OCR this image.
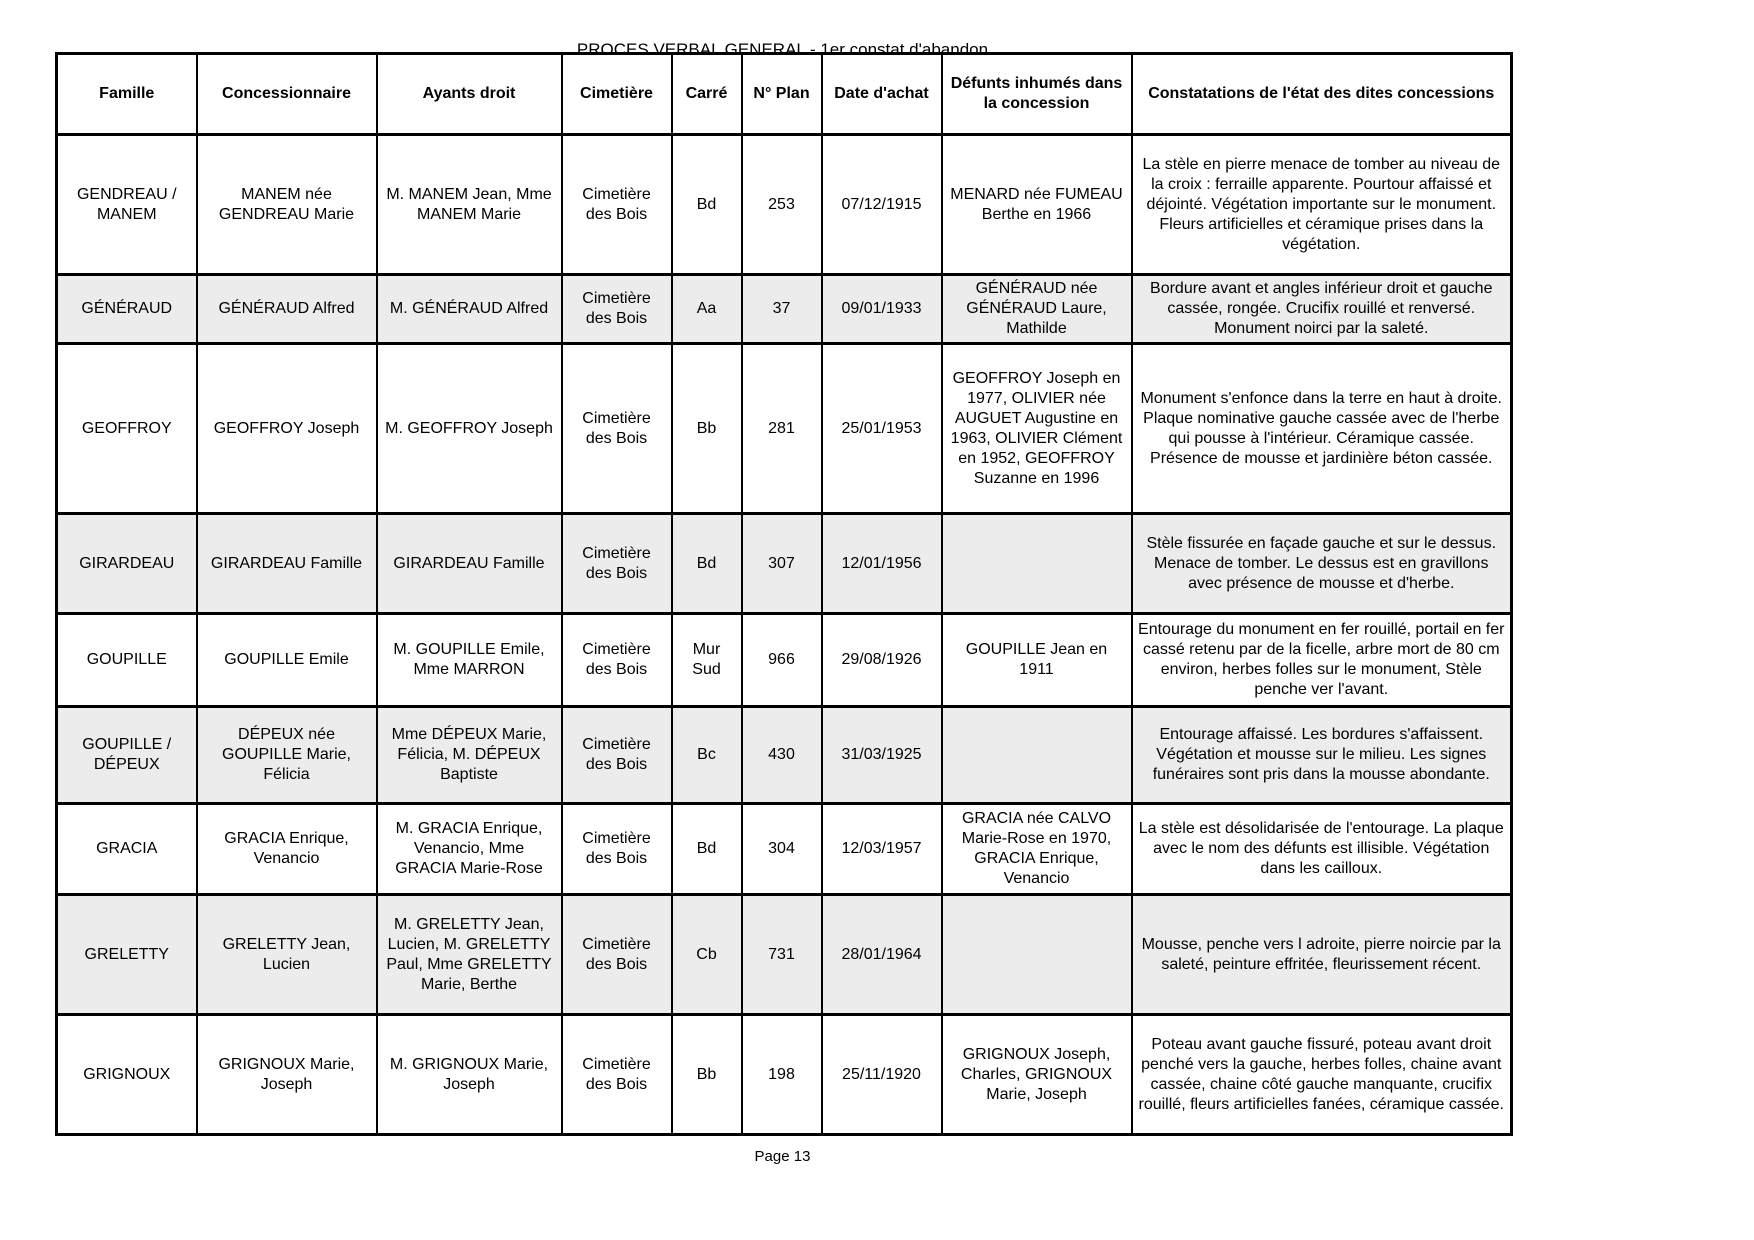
PROCES VERBAL GENERAL - 1er constat d'abandon
Famille	Concessionnaire	Ayants droit	Cimetière	Carré	N° Plan	Date d'achat	Défunts inhumés dans la concession	Constatations de l'état des dites concessions
GENDREAU / MANEM	MANEM née GENDREAU Marie	M. MANEM Jean, Mme MANEM Marie	Cimetière des Bois	Bd	253	07/12/1915	MENARD née FUMEAU Berthe en 1966	La stèle en pierre menace de tomber au niveau de la croix : ferraille apparente. Pourtour affaissé et déjointé. Végétation importante sur le monument. Fleurs artificielles et céramique prises dans la végétation.
GÉNÉRAUD	GÉNÉRAUD Alfred	M. GÉNÉRAUD Alfred	Cimetière des Bois	Aa	37	09/01/1933	GÉNÉRAUD née GÉNÉRAUD Laure, Mathilde	Bordure avant et angles inférieur droit et gauche cassée, rongée. Crucifix rouillé et renversé. Monument noirci par la saleté.
GEOFFROY	GEOFFROY Joseph	M. GEOFFROY Joseph	Cimetière des Bois	Bb	281	25/01/1953	GEOFFROY Joseph en 1977, OLIVIER née AUGUET Augustine en 1963, OLIVIER Clément en 1952, GEOFFROY Suzanne en 1996	Monument s'enfonce dans la terre en haut à droite. Plaque nominative gauche cassée avec de l'herbe qui pousse à l'intérieur. Céramique cassée. Présence de mousse et jardinière béton cassée.
GIRARDEAU	GIRARDEAU Famille	GIRARDEAU Famille	Cimetière des Bois	Bd	307	12/01/1956		Stèle fissurée en façade gauche et sur le dessus. Menace de tomber. Le dessus est en gravillons avec présence de mousse et d'herbe.
GOUPILLE	GOUPILLE Emile	M. GOUPILLE Emile, Mme MARRON	Cimetière des Bois	Mur Sud	966	29/08/1926	GOUPILLE Jean en 1911	Entourage du monument en fer rouillé, portail en fer cassé retenu par de la ficelle, arbre mort de 80 cm environ, herbes folles sur le monument, Stèle penche ver l'avant.
GOUPILLE / DÉPEUX	DÉPEUX née GOUPILLE Marie, Félicia	Mme DÉPEUX Marie, Félicia, M. DÉPEUX Baptiste	Cimetière des Bois	Bc	430	31/03/1925		Entourage affaissé. Les bordures s'affaissent. Végétation et mousse sur le milieu. Les signes funéraires sont pris dans la mousse abondante.
GRACIA	GRACIA Enrique, Venancio	M. GRACIA Enrique, Venancio, Mme GRACIA Marie-Rose	Cimetière des Bois	Bd	304	12/03/1957	GRACIA née CALVO Marie-Rose en 1970, GRACIA Enrique, Venancio	La stèle est désolidarisée de l'entourage. La plaque avec le nom des défunts est illisible. Végétation dans les cailloux.
GRELETTY	GRELETTY Jean, Lucien	M. GRELETTY Jean, Lucien, M. GRELETTY Paul, Mme GRELETTY Marie, Berthe	Cimetière des Bois	Cb	731	28/01/1964		Mousse, penche vers l adroite, pierre noircie par la saleté, peinture effritée, fleurissement récent.
GRIGNOUX	GRIGNOUX Marie, Joseph	M. GRIGNOUX Marie, Joseph	Cimetière des Bois	Bb	198	25/11/1920	GRIGNOUX Joseph, Charles, GRIGNOUX Marie, Joseph	Poteau avant gauche fissuré, poteau avant droit penché vers la gauche, herbes folles, chaine avant cassée, chaine côté gauche manquante, crucifix rouillé, fleurs artificielles fanées, céramique cassée.
Page 13
